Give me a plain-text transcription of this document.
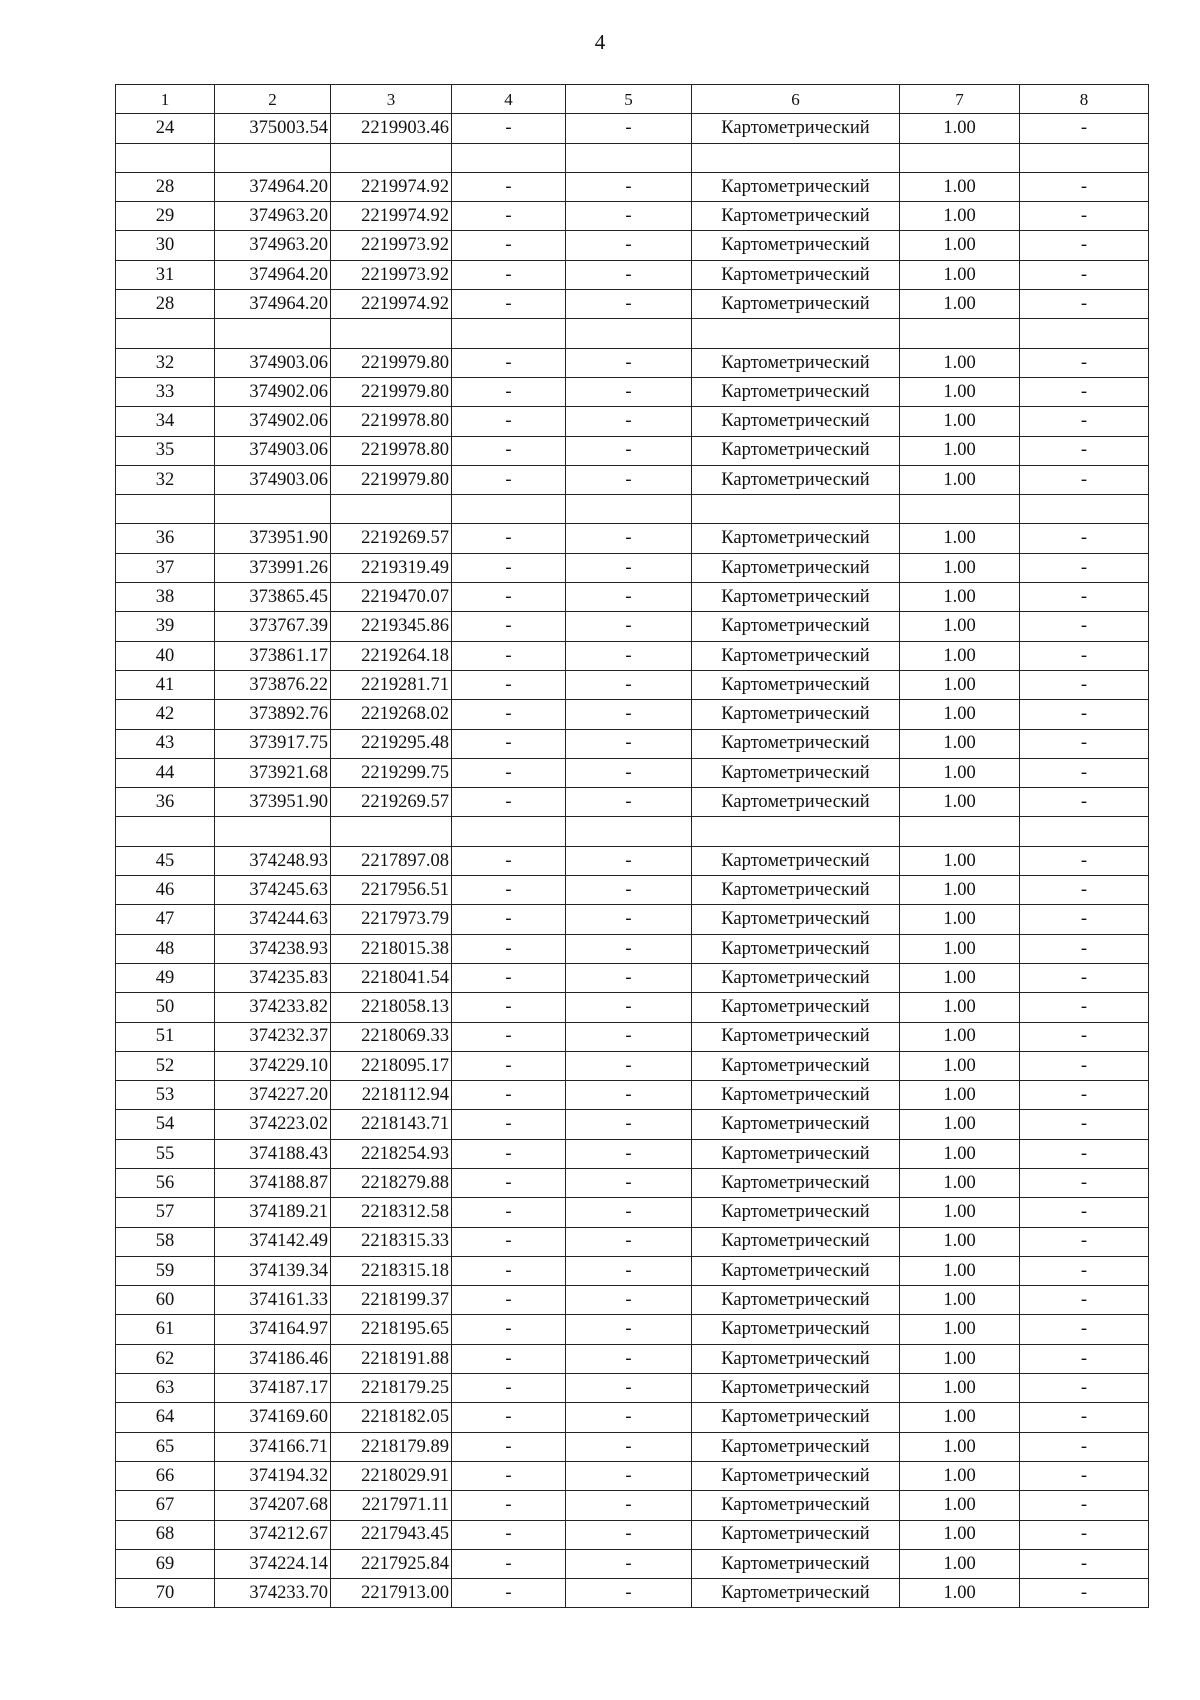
4
1	2	3	4	5	6	7	8
24	375003.54	2219903.46	-	-	Картометрический	1.00	-

28	374964.20	2219974.92	-	-	Картометрический	1.00	-
29	374963.20	2219974.92	-	-	Картометрический	1.00	-
30	374963.20	2219973.92	-	-	Картометрический	1.00	-
31	374964.20	2219973.92	-	-	Картометрический	1.00	-
28	374964.20	2219974.92	-	-	Картометрический	1.00	-

32	374903.06	2219979.80	-	-	Картометрический	1.00	-
33	374902.06	2219979.80	-	-	Картометрический	1.00	-
34	374902.06	2219978.80	-	-	Картометрический	1.00	-
35	374903.06	2219978.80	-	-	Картометрический	1.00	-
32	374903.06	2219979.80	-	-	Картометрический	1.00	-

36	373951.90	2219269.57	-	-	Картометрический	1.00	-
37	373991.26	2219319.49	-	-	Картометрический	1.00	-
38	373865.45	2219470.07	-	-	Картометрический	1.00	-
39	373767.39	2219345.86	-	-	Картометрический	1.00	-
40	373861.17	2219264.18	-	-	Картометрический	1.00	-
41	373876.22	2219281.71	-	-	Картометрический	1.00	-
42	373892.76	2219268.02	-	-	Картометрический	1.00	-
43	373917.75	2219295.48	-	-	Картометрический	1.00	-
44	373921.68	2219299.75	-	-	Картометрический	1.00	-
36	373951.90	2219269.57	-	-	Картометрический	1.00	-

45	374248.93	2217897.08	-	-	Картометрический	1.00	-
46	374245.63	2217956.51	-	-	Картометрический	1.00	-
47	374244.63	2217973.79	-	-	Картометрический	1.00	-
48	374238.93	2218015.38	-	-	Картометрический	1.00	-
49	374235.83	2218041.54	-	-	Картометрический	1.00	-
50	374233.82	2218058.13	-	-	Картометрический	1.00	-
51	374232.37	2218069.33	-	-	Картометрический	1.00	-
52	374229.10	2218095.17	-	-	Картометрический	1.00	-
53	374227.20	2218112.94	-	-	Картометрический	1.00	-
54	374223.02	2218143.71	-	-	Картометрический	1.00	-
55	374188.43	2218254.93	-	-	Картометрический	1.00	-
56	374188.87	2218279.88	-	-	Картометрический	1.00	-
57	374189.21	2218312.58	-	-	Картометрический	1.00	-
58	374142.49	2218315.33	-	-	Картометрический	1.00	-
59	374139.34	2218315.18	-	-	Картометрический	1.00	-
60	374161.33	2218199.37	-	-	Картометрический	1.00	-
61	374164.97	2218195.65	-	-	Картометрический	1.00	-
62	374186.46	2218191.88	-	-	Картометрический	1.00	-
63	374187.17	2218179.25	-	-	Картометрический	1.00	-
64	374169.60	2218182.05	-	-	Картометрический	1.00	-
65	374166.71	2218179.89	-	-	Картометрический	1.00	-
66	374194.32	2218029.91	-	-	Картометрический	1.00	-
67	374207.68	2217971.11	-	-	Картометрический	1.00	-
68	374212.67	2217943.45	-	-	Картометрический	1.00	-
69	374224.14	2217925.84	-	-	Картометрический	1.00	-
70	374233.70	2217913.00	-	-	Картометрический	1.00	-
